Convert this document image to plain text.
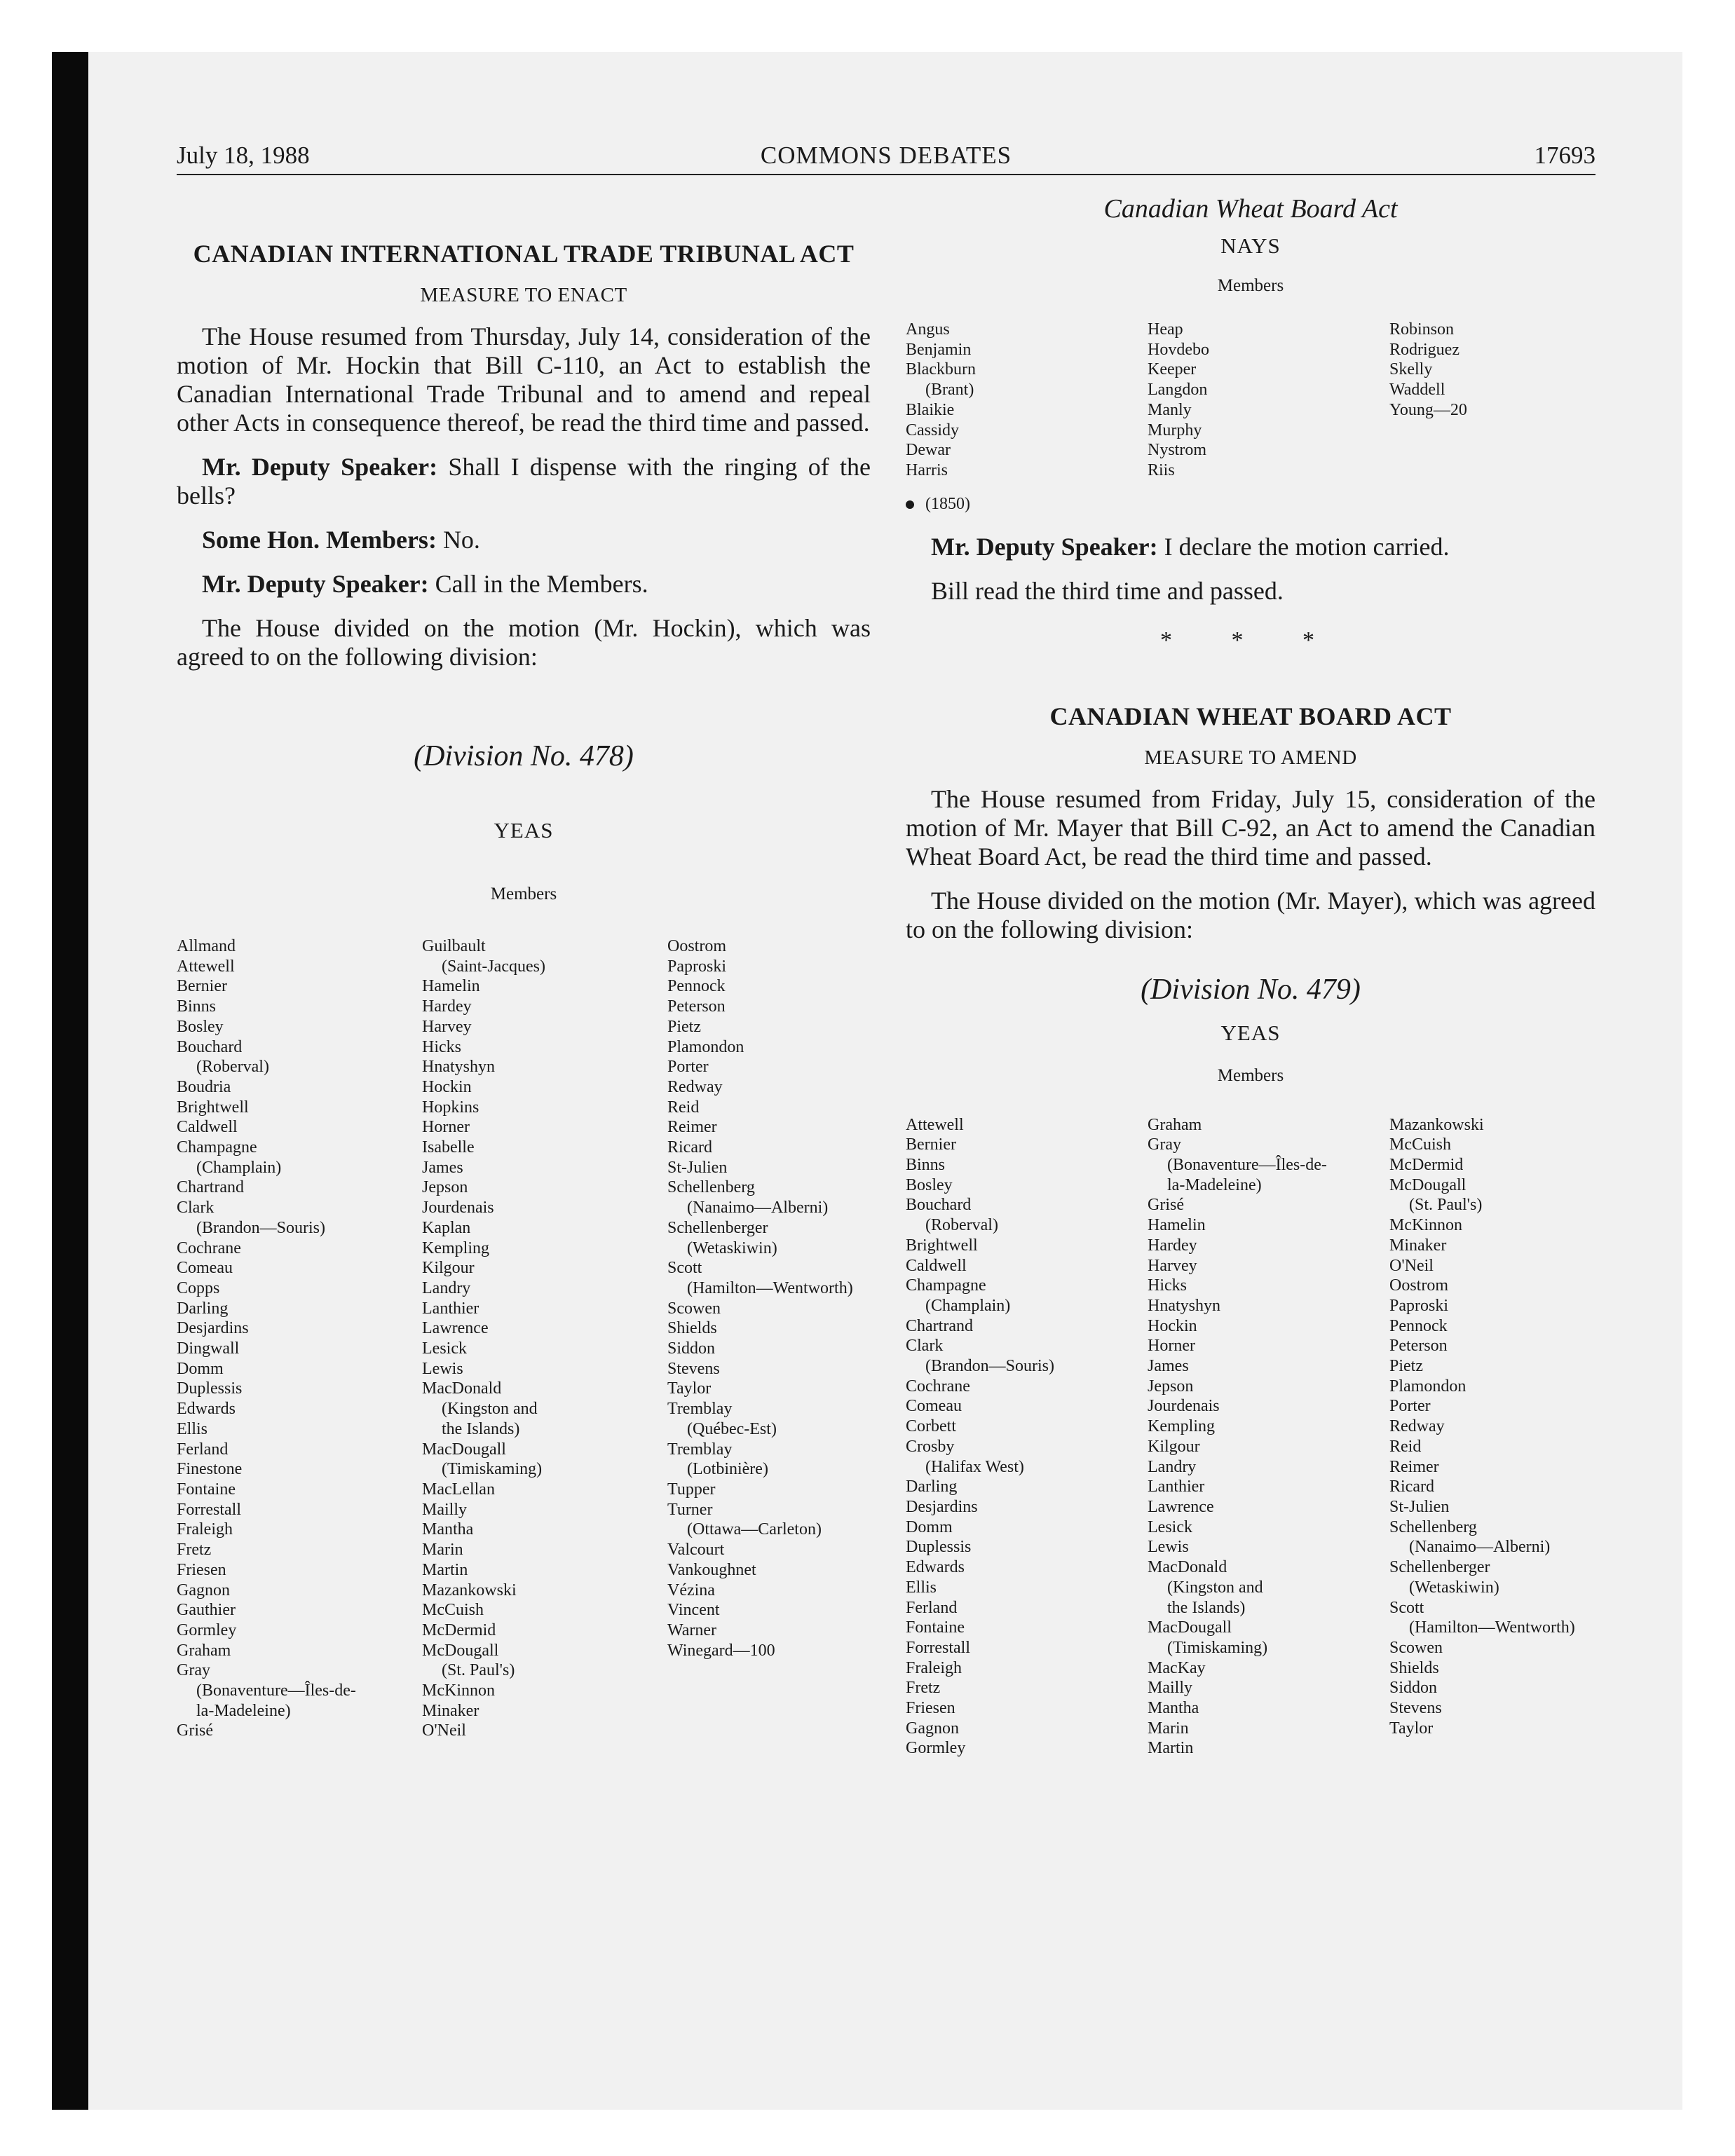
July 18, 1988	COMMONS DEBATES	17693
CANADIAN INTERNATIONAL TRADE TRIBUNAL ACT
MEASURE TO ENACT

The House resumed from Thursday, July 14, consideration of the motion of Mr. Hockin that Bill C-110, an Act to establish the Canadian International Trade Tribunal and to amend and repeal other Acts in consequence thereof, be read the third time and passed.

Mr. Deputy Speaker: Shall I dispense with the ringing of the bells?

Some Hon. Members: No.

Mr. Deputy Speaker: Call in the Members.

The House divided on the motion (Mr. Hockin), which was agreed to on the following division:

(Division No. 478)
YEAS
Members
Allmand
Attewell
Bernier
Binns
Bosley
Bouchard
(Roberval)
Boudria
Brightwell
Caldwell
Champagne
(Champlain)
Chartrand
Clark
(Brandon—Souris)
Cochrane
Comeau
Copps
Darling
Desjardins
Dingwall
Domm
Duplessis
Edwards
Ellis
Ferland
Finestone
Fontaine
Forrestall
Fraleigh
Fretz
Friesen
Gagnon
Gauthier
Gormley
Graham
Gray
(Bonaventure—Îles-de-
la-Madeleine)
Grisé
Guilbault
(Saint-Jacques)
Hamelin
Hardey
Harvey
Hicks
Hnatyshyn
Hockin
Hopkins
Horner
Isabelle
James
Jepson
Jourdenais
Kaplan
Kempling
Kilgour
Landry
Lanthier
Lawrence
Lesick
Lewis
MacDonald
(Kingston and
the Islands)
MacDougall
(Timiskaming)
MacLellan
Mailly
Mantha
Marin
Martin
Mazankowski
McCuish
McDermid
McDougall
(St. Paul's)
McKinnon
Minaker
O'Neil
Oostrom
Paproski
Pennock
Peterson
Pietz
Plamondon
Porter
Redway
Reid
Reimer
Ricard
St-Julien
Schellenberg
(Nanaimo—Alberni)
Schellenberger
(Wetaskiwin)
Scott
(Hamilton—Wentworth)
Scowen
Shields
Siddon
Stevens
Taylor
Tremblay
(Québec-Est)
Tremblay
(Lotbinière)
Tupper
Turner
(Ottawa—Carleton)
Valcourt
Vankoughnet
Vézina
Vincent
Warner
Winegard—100
Canadian Wheat Board Act
NAYS
Members
Angus
Benjamin
Blackburn
(Brant)
Blaikie
Cassidy
Dewar
Harris
Heap
Hovdebo
Keeper
Langdon
Manly
Murphy
Nystrom
Riis
Robinson
Rodriguez
Skelly
Waddell
Young—20
(1850)

Mr. Deputy Speaker: I declare the motion carried.

Bill read the third time and passed.

* * *
CANADIAN WHEAT BOARD ACT
MEASURE TO AMEND

The House resumed from Friday, July 15, consideration of the motion of Mr. Mayer that Bill C-92, an Act to amend the Canadian Wheat Board Act, be read the third time and passed.

The House divided on the motion (Mr. Mayer), which was agreed to on the following division:

(Division No. 479)
YEAS
Members
Attewell
Bernier
Binns
Bosley
Bouchard
(Roberval)
Brightwell
Caldwell
Champagne
(Champlain)
Chartrand
Clark
(Brandon—Souris)
Cochrane
Comeau
Corbett
Crosby
(Halifax West)
Darling
Desjardins
Domm
Duplessis
Edwards
Ellis
Ferland
Fontaine
Forrestall
Fraleigh
Fretz
Friesen
Gagnon
Gormley
Graham
Gray
(Bonaventure—Îles-de-
la-Madeleine)
Grisé
Hamelin
Hardey
Harvey
Hicks
Hnatyshyn
Hockin
Horner
James
Jepson
Jourdenais
Kempling
Kilgour
Landry
Lanthier
Lawrence
Lesick
Lewis
MacDonald
(Kingston and
the Islands)
MacDougall
(Timiskaming)
MacKay
Mailly
Mantha
Marin
Martin
Mazankowski
McCuish
McDermid
McDougall
(St. Paul's)
McKinnon
Minaker
O'Neil
Oostrom
Paproski
Pennock
Peterson
Pietz
Plamondon
Porter
Redway
Reid
Reimer
Ricard
St-Julien
Schellenberg
(Nanaimo—Alberni)
Schellenberger
(Wetaskiwin)
Scott
(Hamilton—Wentworth)
Scowen
Shields
Siddon
Stevens
Taylor
